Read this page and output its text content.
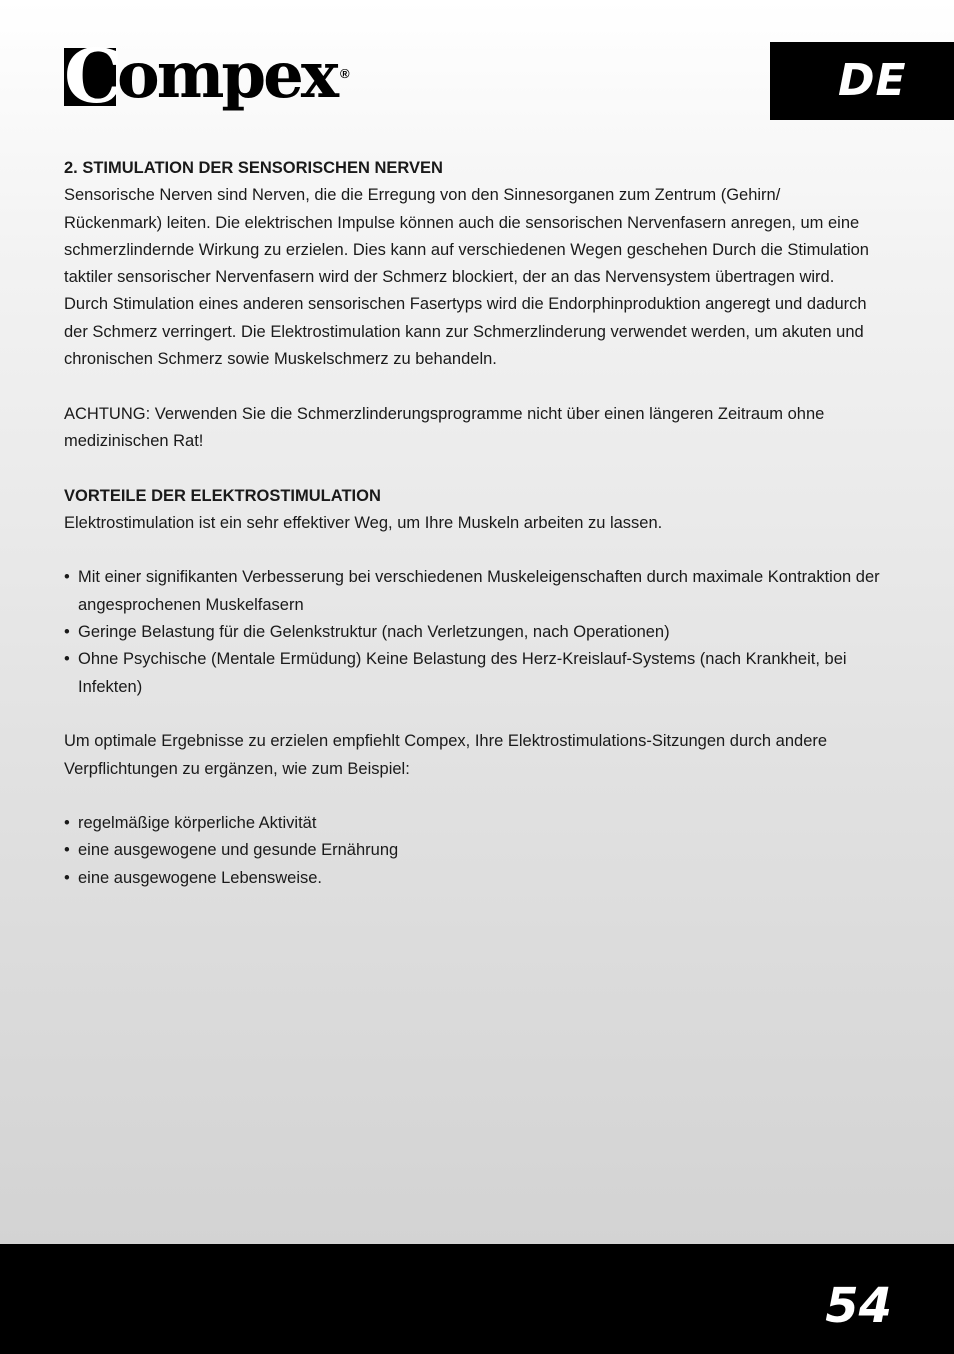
C
ompex ®	DE
2. STIMULATION DER SENSORISCHEN NERVEN

Sensorische Nerven sind Nerven, die die Erregung von den Sinnesorganen zum Zentrum (Gehirn/ Rückenmark) leiten. Die elektrischen Impulse können auch die sensorischen Nervenfasern anregen, um eine schmerzlindernde Wirkung zu erzielen. Dies kann auf verschiedenen Wegen geschehen Durch die Stimulation taktiler sensorischer Nervenfasern wird der Schmerz blockiert, der an das Nervensystem übertragen wird. Durch Stimulation eines anderen sensorischen Fasertyps wird die Endorphinproduktion angeregt und dadurch der Schmerz verringert. Die Elektrostimulation kann zur Schmerzlinderung verwendet werden, um akuten und chronischen Schmerz sowie Muskelschmerz zu behandeln.

ACHTUNG: Verwenden Sie die Schmerzlinderungsprogramme nicht über einen längeren Zeitraum ohne medizinischen Rat!

VORTEILE DER ELEKTROSTIMULATION

Elektrostimulation ist ein sehr effektiver Weg, um Ihre Muskeln arbeiten zu lassen.

• Mit einer signifikanten Verbesserung bei verschiedenen Muskeleigenschaften durch maximale Kontraktion der angesprochenen Muskelfasern
• Geringe Belastung für die Gelenkstruktur (nach Verletzungen, nach Operationen)
• Ohne Psychische (Mentale Ermüdung) Keine Belastung des Herz-Kreislauf-Systems (nach Krankheit, bei Infekten)

Um optimale Ergebnisse zu erzielen empfiehlt Compex, Ihre Elektrostimulations-Sitzungen durch andere Verpflichtungen zu ergänzen, wie zum Beispiel:

• regelmäßige körperliche Aktivität
• eine ausgewogene und gesunde Ernährung
• eine ausgewogene Lebensweise.
54
